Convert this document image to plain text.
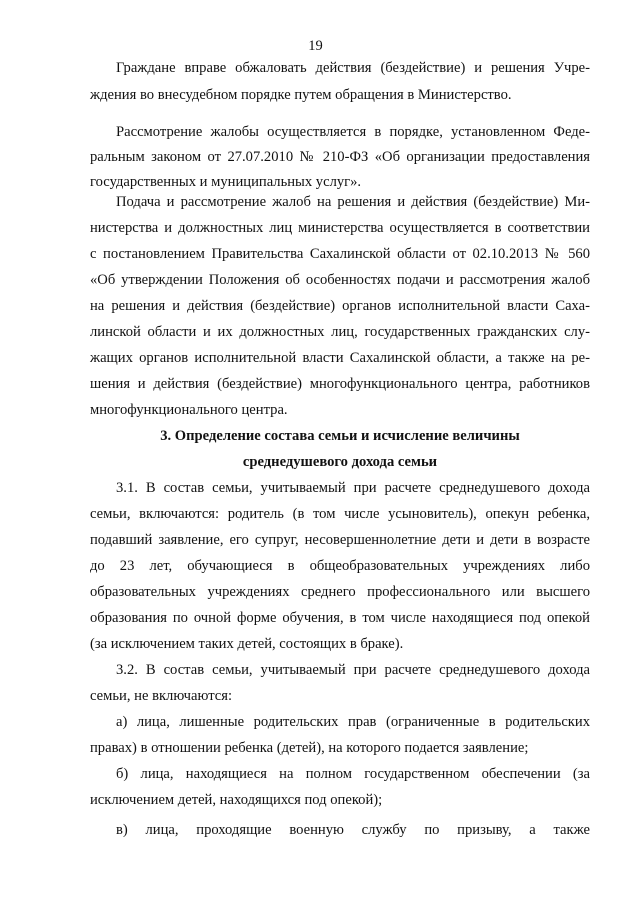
19
Граждане вправе обжаловать действия (бездействие) и решения Учре-
ждения во внесудебном порядке путем обращения в Министерство.
Рассмотрение жалобы осуществляется в порядке, установленном Феде-
ральным законом от 27.07.2010 № 210-ФЗ «Об организации предоставления
государственных и муниципальных услуг».
Подача и рассмотрение жалоб на решения и действия (бездействие) Ми-
нистерства и должностных лиц министерства осуществляется в соответствии
с постановлением Правительства Сахалинской области от 02.10.2013 № 560
«Об утверждении Положения об особенностях подачи и рассмотрения жалоб
на решения и действия (бездействие) органов исполнительной власти Саха-
линской области и их должностных лиц, государственных гражданских слу-
жащих органов исполнительной власти Сахалинской области, а также на ре-
шения и действия (бездействие) многофункционального центра, работников
многофункционального центра.
3. Определение состава семьи и исчисление величины
среднедушевого дохода семьи
3.1. В состав семьи, учитываемый при расчете среднедушевого дохода
семьи, включаются: родитель (в том числе усыновитель), опекун ребенка,
подавший заявление, его супруг, несовершеннолетние дети и дети в возрасте
до 23 лет, обучающиеся в общеобразовательных учреждениях либо
образовательных учреждениях среднего профессионального или высшего
образования по очной форме обучения, в том числе находящиеся под опекой
(за исключением таких детей, состоящих в браке).
3.2. В состав семьи, учитываемый при расчете среднедушевого дохода
семьи, не включаются:
а) лица, лишенные родительских прав (ограниченные в родительских
правах) в отношении ребенка (детей), на которого подается заявление;
б) лица, находящиеся на полном государственном обеспечении (за
исключением детей, находящихся под опекой);
в) лица, проходящие военную службу по призыву, а также
